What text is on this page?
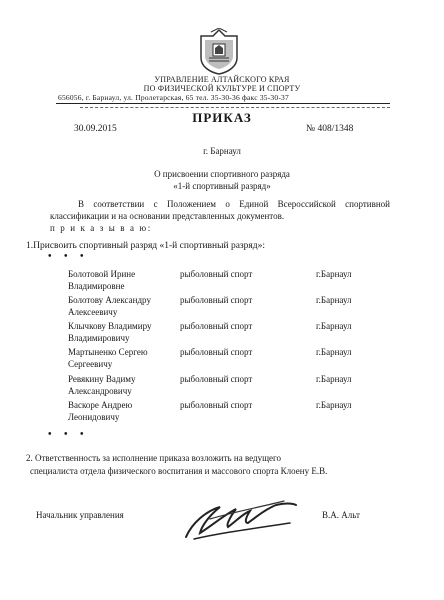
УПРАВЛЕНИЕ АЛТАЙСКОГО КРАЯ
ПО ФИЗИЧЕСКОЙ КУЛЬТУРЕ И СПОРТУ
656056, г. Барнаул, ул. Пролетарская, 65 тел. 35-30-36 факс 35-30-37
ПРИКАЗ
30.09.2015	№ 408/1348
г. Барнаул
О присвоении спортивного разряда
«1-й спортивный разряд»
В соответствии с Положением о Единой Всероссийской спортивной классификации и на основании представленных документов.
п р и к а з ы в а ю:
1.Присвоить спортивный разряд «1-й спортивный разряд»:
• • •
Болотовой Ирине
Владимировне
рыболовный спорт	г.Барнаул
Болотову Александру
Алексеевичу
рыболовный спорт	г.Барнаул
Клычкову Владимиру
Владимировичу
рыболовный спорт	г.Барнаул
Мартыненко Сергею
Сергеевичу
рыболовный спорт	г.Барнаул
Ревякину Вадиму
Александровичу
рыболовный спорт	г.Барнаул
Васкоре Андрею
Леонидовичу
рыболовный спорт	г.Барнаул
• • •
2. Ответственность за исполнение приказа возложить на ведущего
специалиста отдела физического воспитания и массового спорта Клоену Е.В.
Начальник управления	В.А. Альт
